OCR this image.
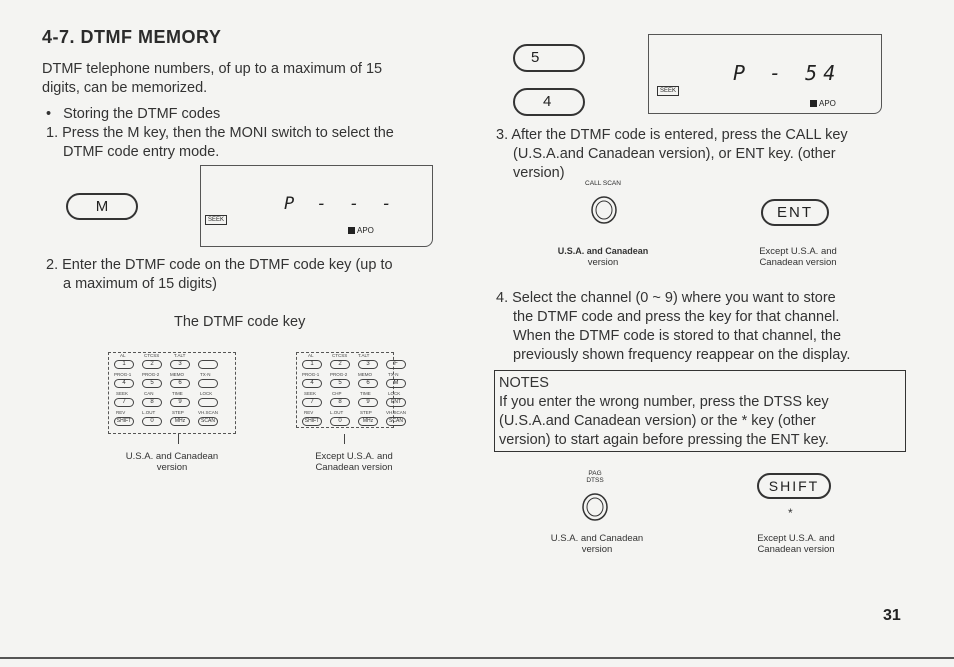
4-7. DTMF MEMORY
DTMF telephone numbers, of up to a maximum of 15
digits, can be memorized.
• Storing the DTMF codes
1. Press the M key, then the MONI switch to select the
DTMF code entry mode.
M
SEEK
P - - -
APO
2. Enter the DTMF code on the DTMF code key (up to
a maximum of 15 digits)
The DTMF code key
AL	CTCSS	T.ALT
1	2	3
PROG-1 PROG-2 MEMO	TX·N
4	5	6
SEEK	CAN	TIME	LOCK
7	8	9
REV	L.OUT	STEP	VH.SCAN
SHIFT	0	MHz	SCAN
U.S.A. and Canadean
version
AL	CTCSS T.ALT
1	2	3	F
PROG-1 PROG-2 MEMO	TX·N
4	5	6	M
SEEK	CHP	TIME	LOCK
7	8	9	ENT
REV	L.OUT	STEP	VH.SCAN
SHIFT	0	MHz	SCAN
Except U.S.A. and
Canadean version
5
4
SEEK
P - 54
APO
3. After the DTMF code is entered, press the CALL key
(U.S.A.and Canadean version), or ENT key. (other
version)
CALL SCAN
U.S.A. and Canadean
version
ENT
Except U.S.A. and
Canadean version
4. Select the channel (0 ~ 9) where you want to store
the DTMF code and press the key for that channel.
When the DTMF code is stored to that channel, the
previously shown frequency reappear on the display.
NOTES
If you enter the wrong number, press the DTSS key
(U.S.A.and Canadean version) or the * key (other
version) to start again before pressing the ENT key.
PAG
DTSS
U.S.A. and Canadean
version
SHIFT
*
Except U.S.A. and
Canadean version
31
